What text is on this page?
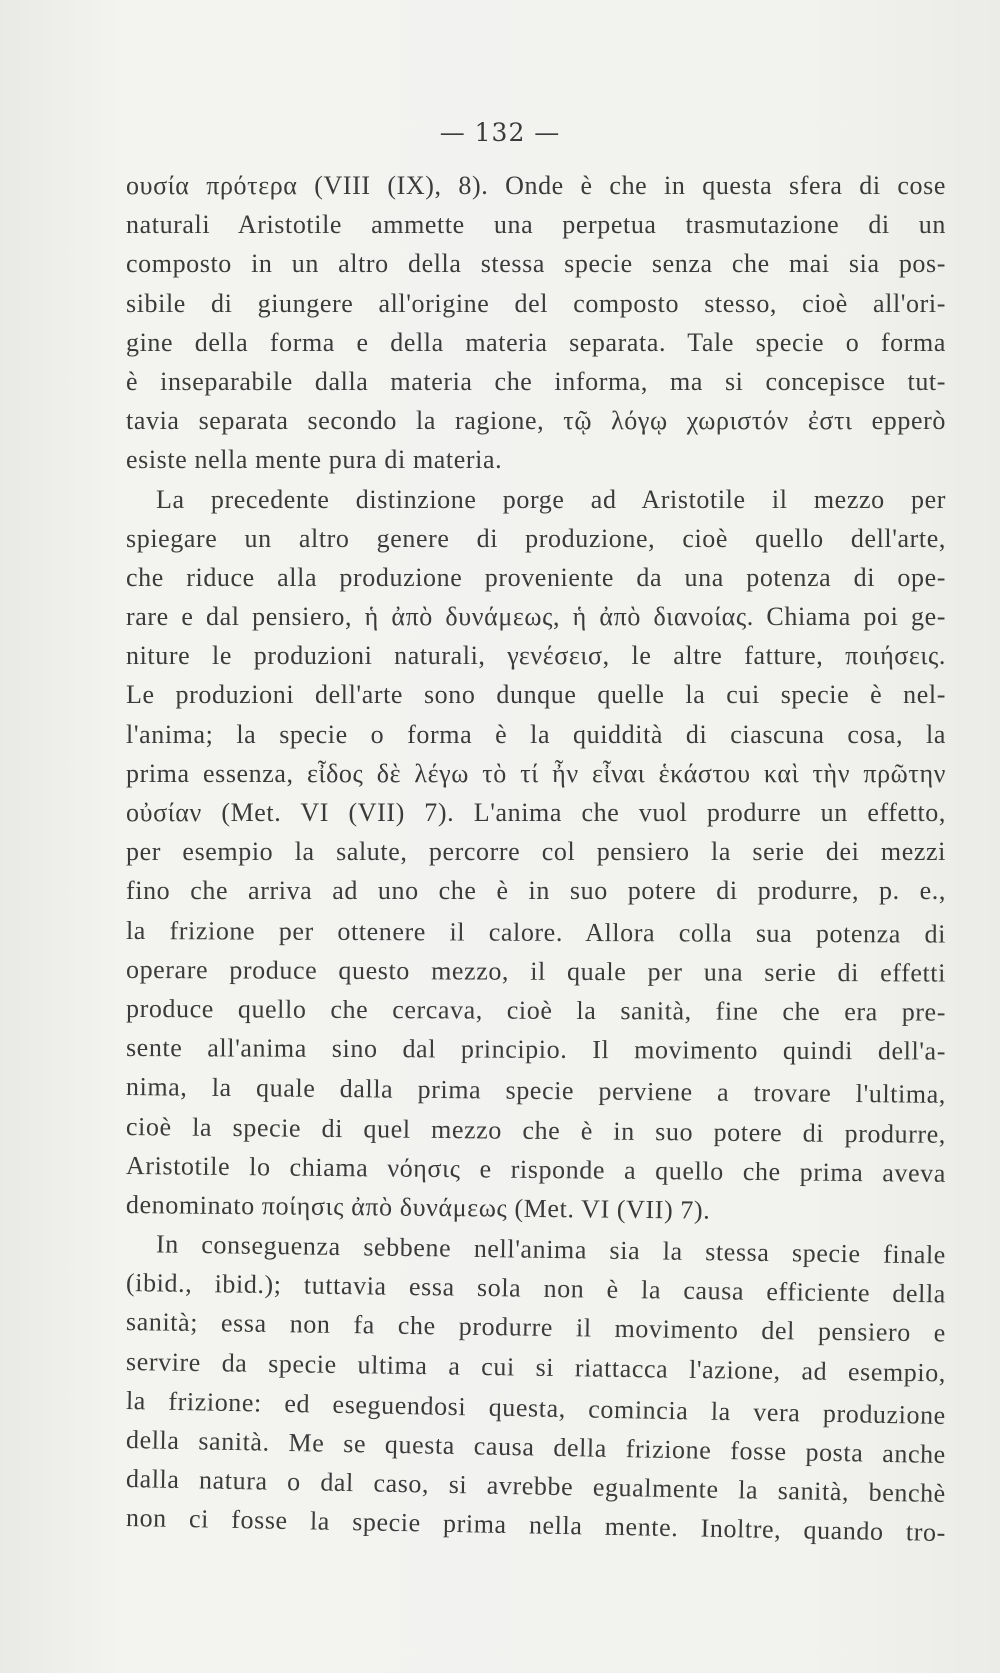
— 132 —
ουσία πρότερα (VIII (IX), 8). Onde è che in questa sfera di cose
naturali Aristotile ammette una perpetua trasmutazione di un
composto in un altro della stessa specie senza che mai sia pos-
sibile di giungere all'origine del composto stesso, cioè all'ori-
gine della forma e della materia separata. Tale specie o forma
è inseparabile dalla materia che informa, ma si concepisce tut-
tavia separata secondo la ragione, τῷ λόγῳ χωριστόν ἐστι epperò
esiste nella mente pura di materia.
La precedente distinzione porge ad Aristotile il mezzo per
spiegare un altro genere di produzione, cioè quello dell'arte,
che riduce alla produzione proveniente da una potenza di ope-
rare e dal pensiero, ἡ ἀπὸ δυνάμεως, ἡ ἀπὸ διανοίας. Chiama poi ge-
niture le produzioni naturali, γενέσεισ, le altre fatture, ποιήσεις.
Le produzioni dell'arte sono dunque quelle la cui specie è nel-
l'anima; la specie o forma è la quiddità di ciascuna cosa, la
prima essenza, εἶδος δὲ λέγω τὸ τί ἦν εἶναι ἑκάστου καὶ τὴν πρῶτην
οὐσίαν (Met. VI (VII) 7). L'anima che vuol produrre un effetto,
per esempio la salute, percorre col pensiero la serie dei mezzi
fino che arriva ad uno che è in suo potere di produrre, p. e.,
la frizione per ottenere il calore. Allora colla sua potenza di
operare produce questo mezzo, il quale per una serie di effetti
produce quello che cercava, cioè la sanità, fine che era pre-
sente all'anima sino dal principio. Il movimento quindi dell'a-
nima, la quale dalla prima specie perviene a trovare l'ultima,
cioè la specie di quel mezzo che è in suo potere di produrre,
Aristotile lo chiama νόησις e risponde a quello che prima aveva
denominato ποίησις ἀπὸ δυνάμεως (Met. VI (VII) 7).
In conseguenza sebbene nell'anima sia la stessa specie finale
(ibid., ibid.); tuttavia essa sola non è la causa efficiente della
sanità; essa non fa che produrre il movimento del pensiero e
servire da specie ultima a cui si riattacca l'azione, ad esempio,
la frizione: ed eseguendosi questa, comincia la vera produzione
della sanità. Me se questa causa della frizione fosse posta anche
dalla natura o dal caso, si avrebbe egualmente la sanità, benchè
non ci fosse la specie prima nella mente. Inoltre, quando tro-
